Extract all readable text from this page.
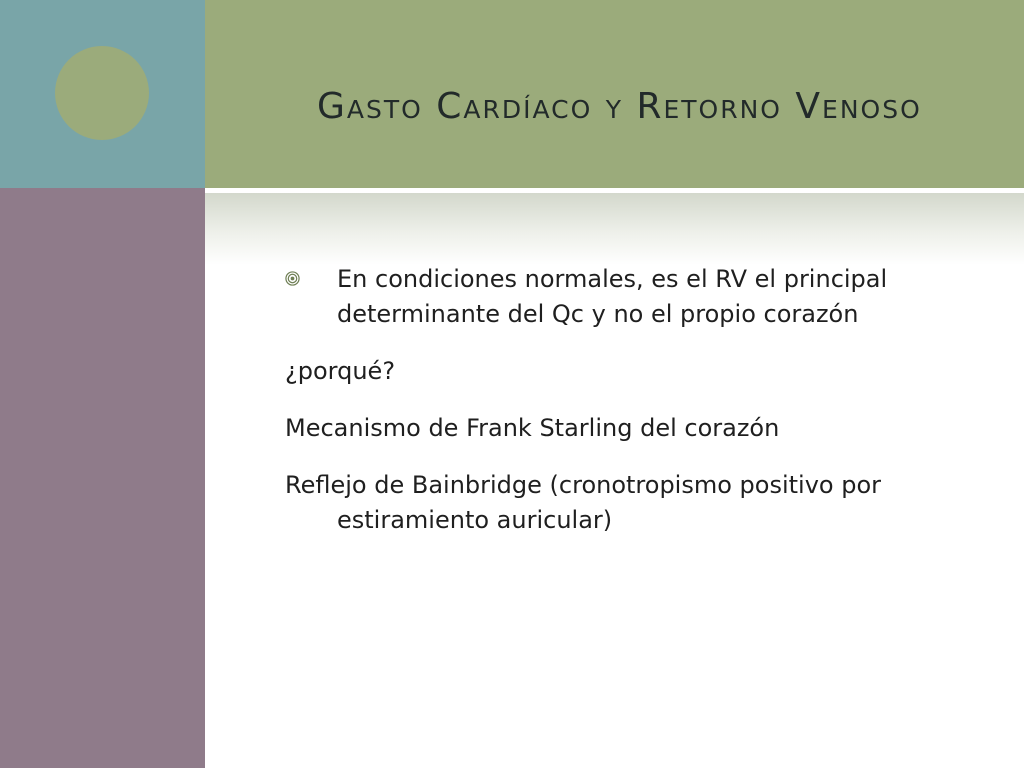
Gasto Cardíaco y Retorno Venoso

En condiciones normales, es el RV el principal determinante del Qc y no el propio corazón

¿porqué?

Mecanismo de Frank Starling del corazón

Reflejo de Bainbridge (cronotropismo positivo por estiramiento auricular)
